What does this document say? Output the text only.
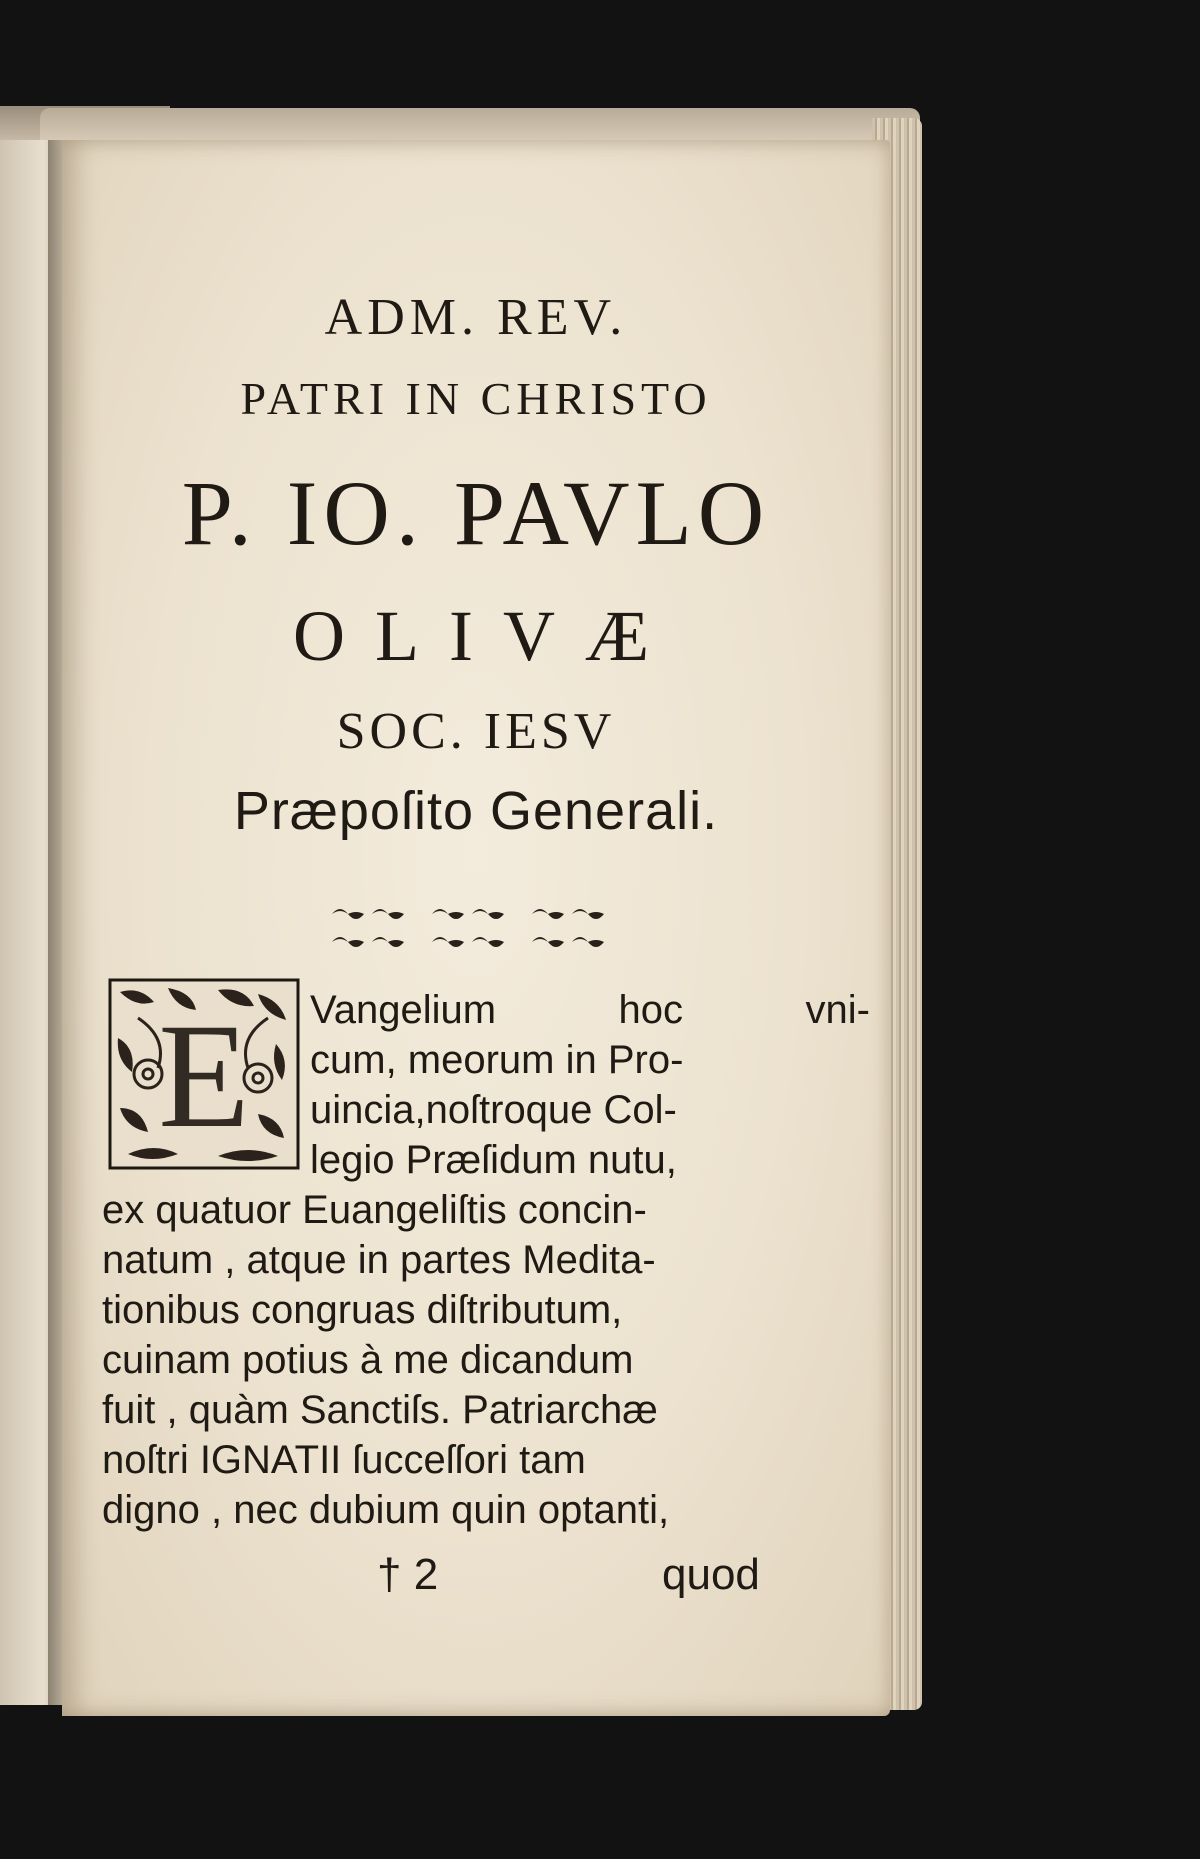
ADM. REV.
PATRI IN CHRISTO
P. IO. PAVLO
OLIVÆ
SOC. IESV
Præpoſito Generali.
E	Vangelium	hoc	vni-
cum, meorum in Pro-
uincia,noſtroque Col-
legio Præſidum nutu,
ex quatuor Euangeliſtis concin-
natum , atque in partes Medita-
tionibus congruas diſtributum,
cuinam potius à me dicandum
fuit , quàm Sanctiſs. Patriarchæ
noſtri IGNATII ſucceſſori tam
digno , nec dubium quin optanti,
† 2	quod
